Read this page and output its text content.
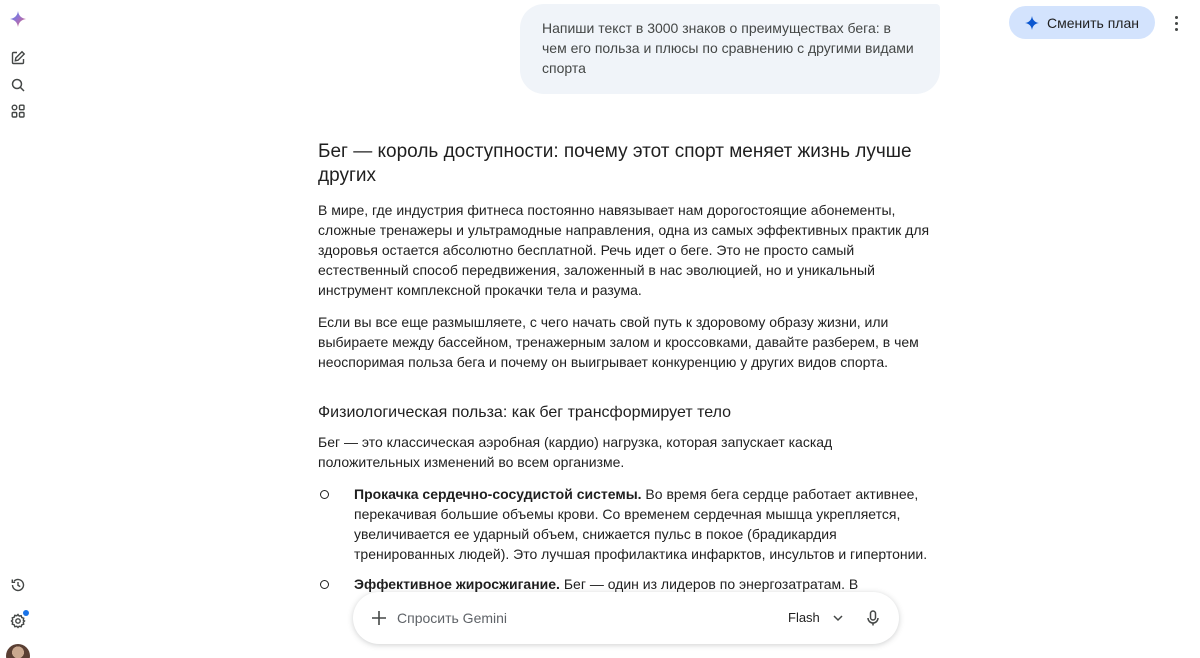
Сменить план
Напиши текст в 3000 знаков о преимуществах бега: в чем его польза и плюсы по сравнению с другими видами спорта
Бег — король доступности: почему этот спорт меняет жизнь лучше других

В мире, где индустрия фитнеса постоянно навязывает нам дорогостоящие абонементы, сложные тренажеры и ультрамодные направления, одна из самых эффективных практик для здоровья остается абсолютно бесплатной. Речь идет о беге. Это не просто самый естественный способ передвижения, заложенный в нас эволюцией, но и уникальный инструмент комплексной прокачки тела и разума.

Если вы все еще размышляете, с чего начать свой путь к здоровому образу жизни, или выбираете между бассейном, тренажерным залом и кроссовками, давайте разберем, в чем неоспоримая польза бега и почему он выигрывает конкуренцию у других видов спорта.

Физиологическая польза: как бег трансформирует тело

Бег — это классическая аэробная (кардио) нагрузка, которая запускает каскад положительных изменений во всем организме.

Прокачка сердечно-сосудистой системы. Во время бега сердце работает активнее, перекачивая большие объемы крови. Со временем сердечная мышца укрепляется, увеличивается ее ударный объем, снижается пульс в покое (брадикардия тренированных людей). Это лучшая профилактика инфарктов, инсультов и гипертонии.
Эффективное жиросжигание. Бег — один из лидеров по энергозатратам. В
Спросить Gemini	Flash
